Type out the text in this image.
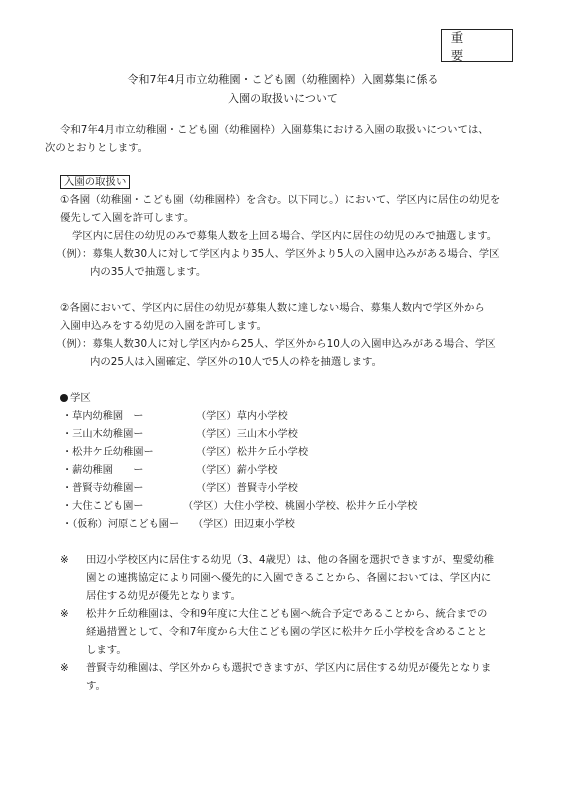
重　要
令和7年4月市立幼稚園・こども園（幼稚園枠）入園募集に係る
入園の取扱いについて
令和7年4月市立幼稚園・こども園（幼稚園枠）入園募集における入園の取扱いについては、
次のとおりとします。
入園の取扱い
①各園（幼稚園・こども園（幼稚園枠）を含む。以下同じ。）において、学区内に居住の幼児を
優先して入園を許可します。
学区内に居住の幼児のみで募集人数を上回る場合、学区内に居住の幼児のみで抽選します。
（例）：募集人数30人に対して学区内より35人、学区外より5人の入園申込みがある場合、学区
内の35人で抽選します。
②各園において、学区内に居住の幼児が募集人数に達しない場合、募集人数内で学区外から
入園申込みをする幼児の入園を許可します。
（例）：募集人数30人に対し学区内から25人、学区外から10人の入園申込みがある場合、学区
内の25人は入園確定、学区外の10人で5人の枠を抽選します。
学区
・草内幼稚園　ー	（学区）草内小学校
・三山木幼稚園ー	（学区）三山木小学校
・松井ケ丘幼稚園ー	（学区）松井ケ丘小学校
・薪幼稚園　　ー	（学区）薪小学校
・普賢寺幼稚園ー	（学区）普賢寺小学校
・大住こども園ー	（学区）大住小学校、桃園小学校、松井ケ丘小学校
・（仮称）河原こども園ー （学区）田辺東小学校
※ 田辺小学校区内に居住する幼児（3、4歳児）は、他の各園を選択できますが、聖愛幼稚
園との連携協定により同園へ優先的に入園できることから、各園においては、学区内に
居住する幼児が優先となります。
※ 松井ケ丘幼稚園は、令和9年度に大住こども園へ統合予定であることから、統合までの
経過措置として、令和7年度から大住こども園の学区に松井ケ丘小学校を含めることと
します。
※ 普賢寺幼稚園は、学区外からも選択できますが、学区内に居住する幼児が優先となりま
す。
